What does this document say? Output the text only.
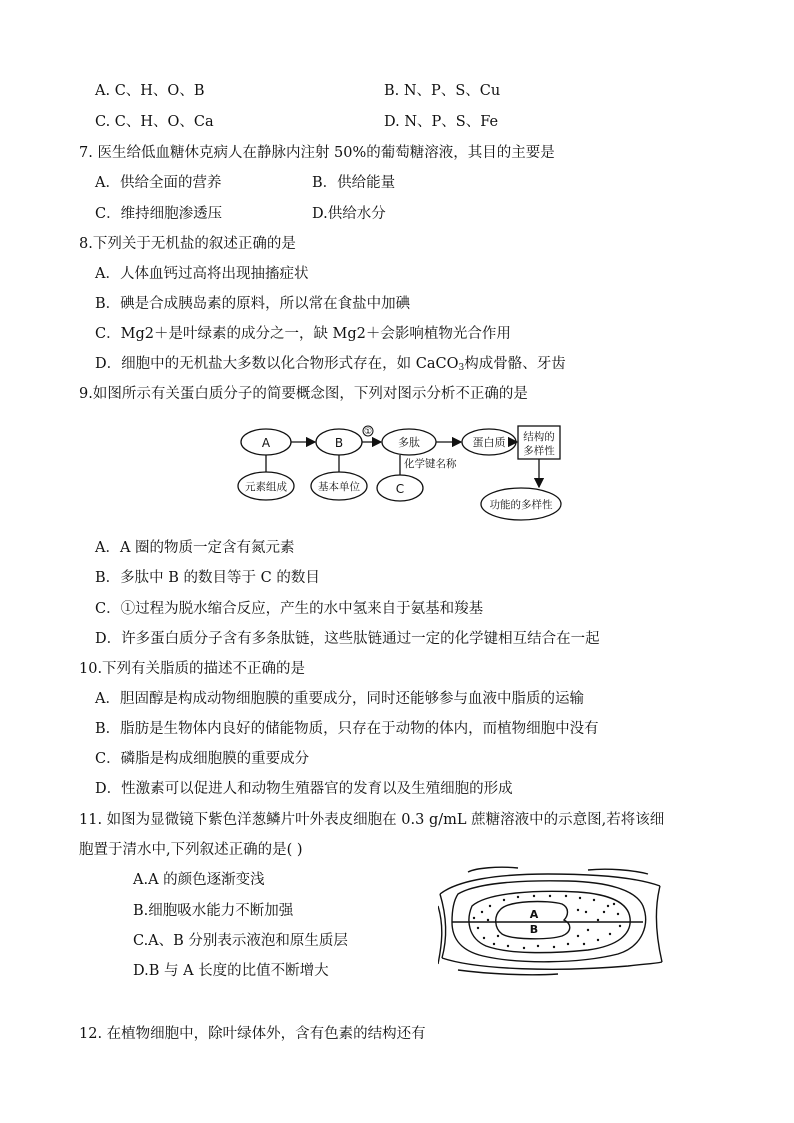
A. C、H、O、B	B. N、P、S、Cu
C. C、H、O、Ca	D. N、P、S、Fe
7. 医生给低血糖休克病人在静脉内注射 50%的葡萄糖溶液，其目的主要是
A．供给全面的营养	B．供给能量
C．维持细胞渗透压	D.供给水分
8.下列关于无机盐的叙述正确的是
A．人体血钙过高将出现抽搐症状
B．碘是合成胰岛素的原料，所以常在食盐中加碘
C．Mg2＋是叶绿素的成分之一，缺 Mg2＋会影响植物光合作用
D．细胞中的无机盐大多数以化合物形式存在，如 CaCO$_3$构成骨骼、牙齿
9.如图所示有关蛋白质分子的简要概念图，下列对图示分析不正确的是
①
A	B	多肽	蛋白质 结构的
多样性
元素组成	基本单位	C
化学键名称
功能的多样性
A．A 圈的物质一定含有氮元素
B．多肽中 B 的数目等于 C 的数目
C．①过程为脱水缩合反应，产生的水中氢来自于氨基和羧基
D．许多蛋白质分子含有多条肽链，这些肽链通过一定的化学键相互结合在一起
10.下列有关脂质的描述不正确的是
A．胆固醇是构成动物细胞膜的重要成分，同时还能够参与血液中脂质的运输
B．脂肪是生物体内良好的储能物质，只存在于动物的体内，而植物细胞中没有
C．磷脂是构成细胞膜的重要成分
D．性激素可以促进人和动物生殖器官的发育以及生殖细胞的形成
11. 如图为显微镜下紫色洋葱鳞片叶外表皮细胞在 0.3 g/mL 蔗糖溶液中的示意图,若将该细
胞置于清水中,下列叙述正确的是( )
A.A 的颜色逐渐变浅
B.细胞吸水能力不断加强
C.A、B 分别表示液泡和原生质层
D.B 与 A 长度的比值不断增大
A
B
12. 在植物细胞中，除叶绿体外，含有色素的结构还有
